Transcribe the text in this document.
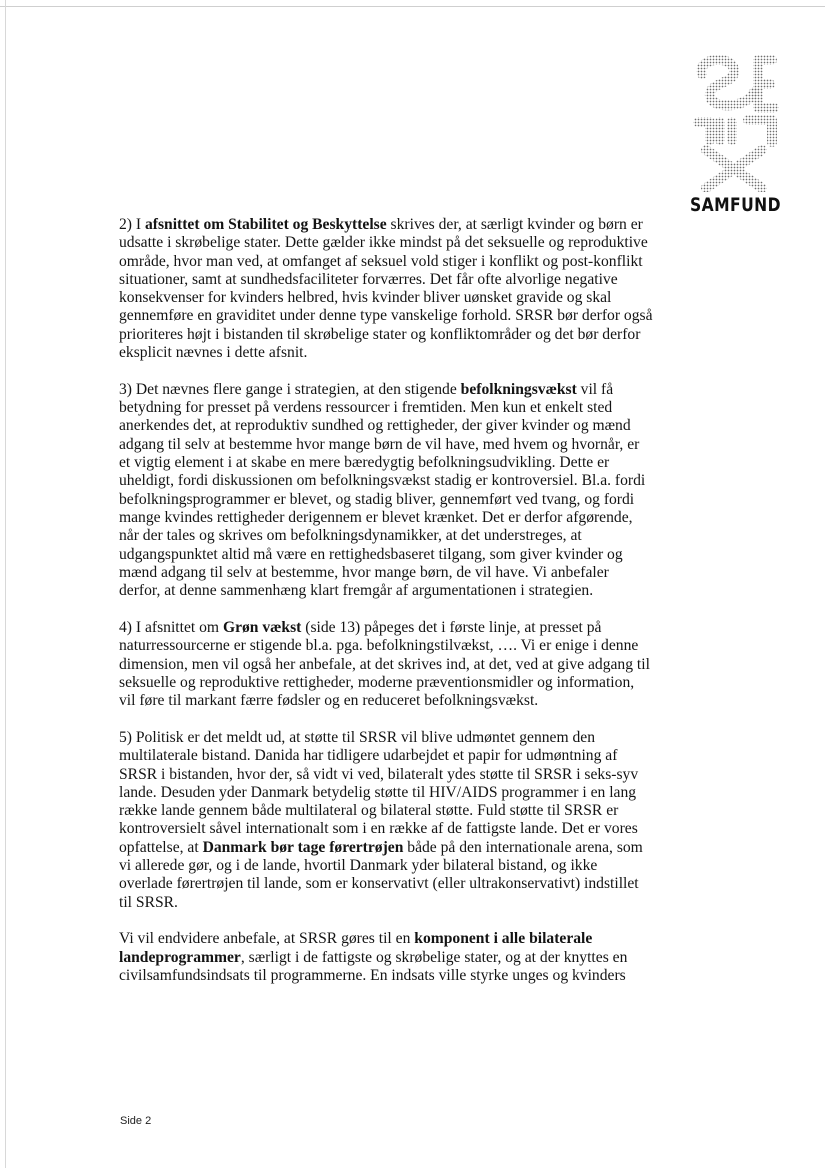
SAMFUND

2) I afsnittet om Stabilitet og Beskyttelse skrives der, at særligt kvinder og børn er
udsatte i skrøbelige stater. Dette gælder ikke mindst på det seksuelle og reproduktive
område, hvor man ved, at omfanget af seksuel vold stiger i konflikt og post-konflikt
situationer, samt at sundhedsfaciliteter forværres. Det får ofte alvorlige negative
konsekvenser for kvinders helbred, hvis kvinder bliver uønsket gravide og skal
gennemføre en graviditet under denne type vanskelige forhold. SRSR bør derfor også
prioriteres højt i bistanden til skrøbelige stater og konfliktområder og det bør derfor
eksplicit nævnes i dette afsnit.

3) Det nævnes flere gange i strategien, at den stigende befolkningsvækst vil få
betydning for presset på verdens ressourcer i fremtiden. Men kun et enkelt sted
anerkendes det, at reproduktiv sundhed og rettigheder, der giver kvinder og mænd
adgang til selv at bestemme hvor mange børn de vil have, med hvem og hvornår, er
et vigtig element i at skabe en mere bæredygtig befolkningsudvikling. Dette er
uheldigt, fordi diskussionen om befolkningsvækst stadig er kontroversiel. Bl.a. fordi
befolkningsprogrammer er blevet, og stadig bliver, gennemført ved tvang, og fordi
mange kvindes rettigheder derigennem er blevet krænket. Det er derfor afgørende,
når der tales og skrives om befolkningsdynamikker, at det understreges, at
udgangspunktet altid må være en rettighedsbaseret tilgang, som giver kvinder og
mænd adgang til selv at bestemme, hvor mange børn, de vil have. Vi anbefaler
derfor, at denne sammenhæng klart fremgår af argumentationen i strategien.

4) I afsnittet om Grøn vækst (side 13) påpeges det i første linje, at presset på
naturressourcerne er stigende bl.a. pga. befolkningstilvækst, …. Vi er enige i denne
dimension, men vil også her anbefale, at det skrives ind, at det, ved at give adgang til
seksuelle og reproduktive rettigheder, moderne præventionsmidler og information,
vil føre til markant færre fødsler og en reduceret befolkningsvækst.

5) Politisk er det meldt ud, at støtte til SRSR vil blive udmøntet gennem den
multilaterale bistand. Danida har tidligere udarbejdet et papir for udmøntning af
SRSR i bistanden, hvor der, så vidt vi ved, bilateralt ydes støtte til SRSR i seks-syv
lande. Desuden yder Danmark betydelig støtte til HIV/AIDS programmer i en lang
række lande gennem både multilateral og bilateral støtte. Fuld støtte til SRSR er
kontroversielt såvel internationalt som i en række af de fattigste lande. Det er vores
opfattelse, at Danmark bør tage førertrøjen både på den internationale arena, som
vi allerede gør, og i de lande, hvortil Danmark yder bilateral bistand, og ikke
overlade førertrøjen til lande, som er konservativt (eller ultrakonservativt) indstillet
til SRSR.

Vi vil endvidere anbefale, at SRSR gøres til en komponent i alle bilaterale
landeprogrammer, særligt i de fattigste og skrøbelige stater, og at der knyttes en
civilsamfundsindsats til programmerne. En indsats ville styrke unges og kvinders

Side 2
